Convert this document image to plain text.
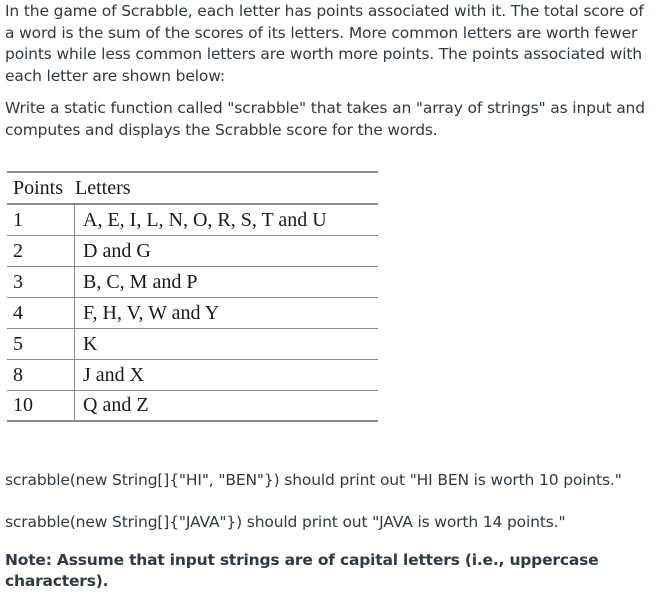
In the game of Scrabble, each letter has points associated with it. The total score of a word is the sum of the scores of its letters. More common letters are worth fewer points while less common letters are worth more points. The points associated with each letter are shown below:

Write a static function called "scrabble" that takes an "array of strings" as input and computes and displays the Scrabble score for the words.

Points Letters
1	A, E, I, L, N, O, R, S, T and U
2	D and G
3	B, C, M and P
4	F, H, V, W and Y
5	K
8	J and X
10	Q and Z
scrabble(new String[]{"HI", "BEN"}) should print out "HI BEN is worth 10 points."
scrabble(new String[]{"JAVA"}) should print out "JAVA is worth 14 points."
Note: Assume that input strings are of capital letters (i.e., uppercase characters).
